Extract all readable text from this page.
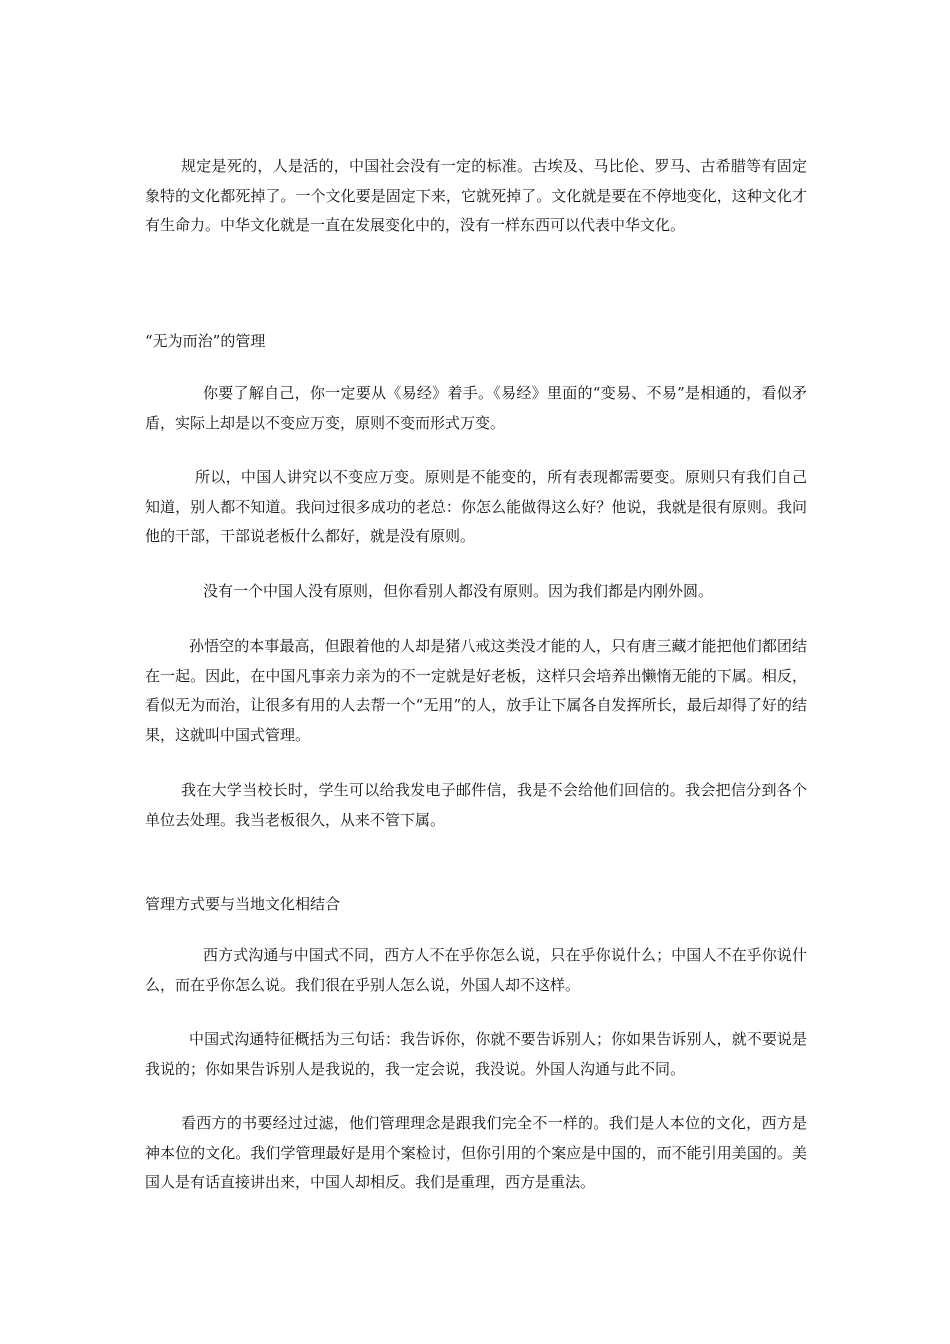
规定是死的，人是活的，中国社会没有一定的标准。古埃及、马比伦、罗马、古希腊等有固定象特的文化都死掉了。一个文化要是固定下来，它就死掉了。文化就是要在不停地变化，这种文化才有生命力。中华文化就是一直在发展变化中的，没有一样东西可以代表中华文化。

“无为而治”的管理

你要了解自己，你一定要从《易经》着手。《易经》里面的“变易、不易”是相通的，看似矛盾，实际上却是以不变应万变，原则不变而形式万变。

所以，中国人讲究以不变应万变。原则是不能变的，所有表现都需要变。原则只有我们自己知道，别人都不知道。我问过很多成功的老总：你怎么能做得这么好？他说，我就是很有原则。我问他的干部，干部说老板什么都好，就是没有原则。

没有一个中国人没有原则，但你看别人都没有原则。因为我们都是内刚外圆。

孙悟空的本事最高，但跟着他的人却是猪八戒这类没才能的人，只有唐三藏才能把他们都团结在一起。因此，在中国凡事亲力亲为的不一定就是好老板，这样只会培养出懒惰无能的下属。相反，看似无为而治，让很多有用的人去帮一个“无用”的人，放手让下属各自发挥所长，最后却得了好的结果，这就叫中国式管理。

我在大学当校长时，学生可以给我发电子邮件信，我是不会给他们回信的。我会把信分到各个单位去处理。我当老板很久，从来不管下属。

管理方式要与当地文化相结合

西方式沟通与中国式不同，西方人不在乎你怎么说，只在乎你说什么；中国人不在乎你说什么，而在乎你怎么说。我们很在乎别人怎么说，外国人却不这样。

中国式沟通特征概括为三句话：我告诉你，你就不要告诉别人；你如果告诉别人，就不要说是我说的；你如果告诉别人是我说的，我一定会说，我没说。外国人沟通与此不同。

看西方的书要经过过滤，他们管理理念是跟我们完全不一样的。我们是人本位的文化，西方是神本位的文化。我们学管理最好是用个案检讨，但你引用的个案应是中国的，而不能引用美国的。美国人是有话直接讲出来，中国人却相反。我们是重理，西方是重法。
